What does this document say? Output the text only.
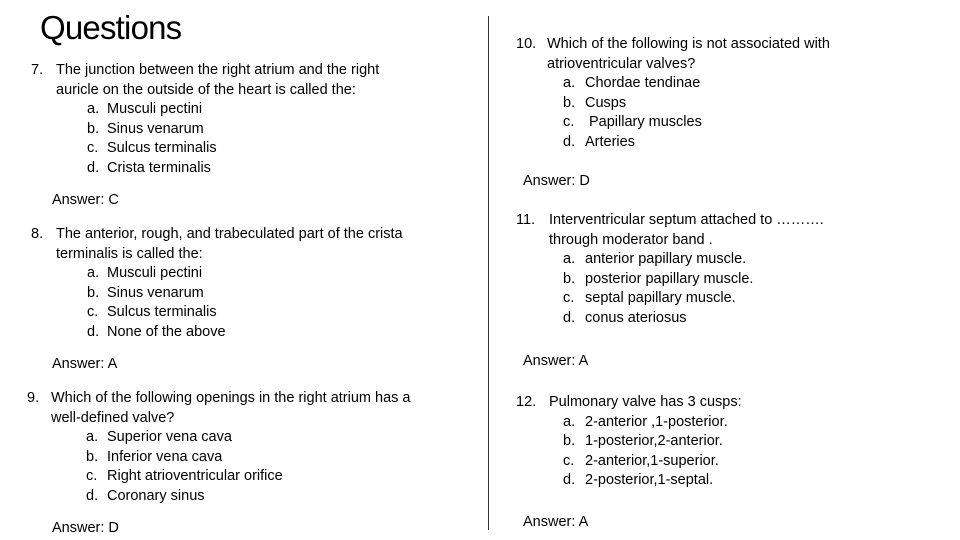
Questions
7. The junction between the right atrium and the right
auricle on the outside of the heart is called the:
a. Musculi pectini
b. Sinus venarum
c. Sulcus terminalis
d. Crista terminalis
Answer: C
8. The anterior, rough, and trabeculated part of the crista
terminalis is called the:
a. Musculi pectini
b. Sinus venarum
c. Sulcus terminalis
d. None of the above
Answer: A
9. Which of the following openings in the right atrium has a
well-defined valve?
a. Superior vena cava
b. Inferior vena cava
c. Right atrioventricular orifice
d. Coronary sinus
Answer: D
10. Which of the following is not associated with
atrioventricular valves?
a. Chordae tendinae
b. Cusps
c. Papillary muscles
d. Arteries
Answer: D
11. Interventricular septum attached to ……….
through moderator band .
a. anterior papillary muscle.
b. posterior papillary muscle.
c. septal papillary muscle.
d. conus ateriosus
Answer: A
12. Pulmonary valve has 3 cusps:
a. 2-anterior ,1-posterior.
b. 1-posterior,2-anterior.
c. 2-anterior,1-superior.
d. 2-posterior,1-septal.
Answer: A
